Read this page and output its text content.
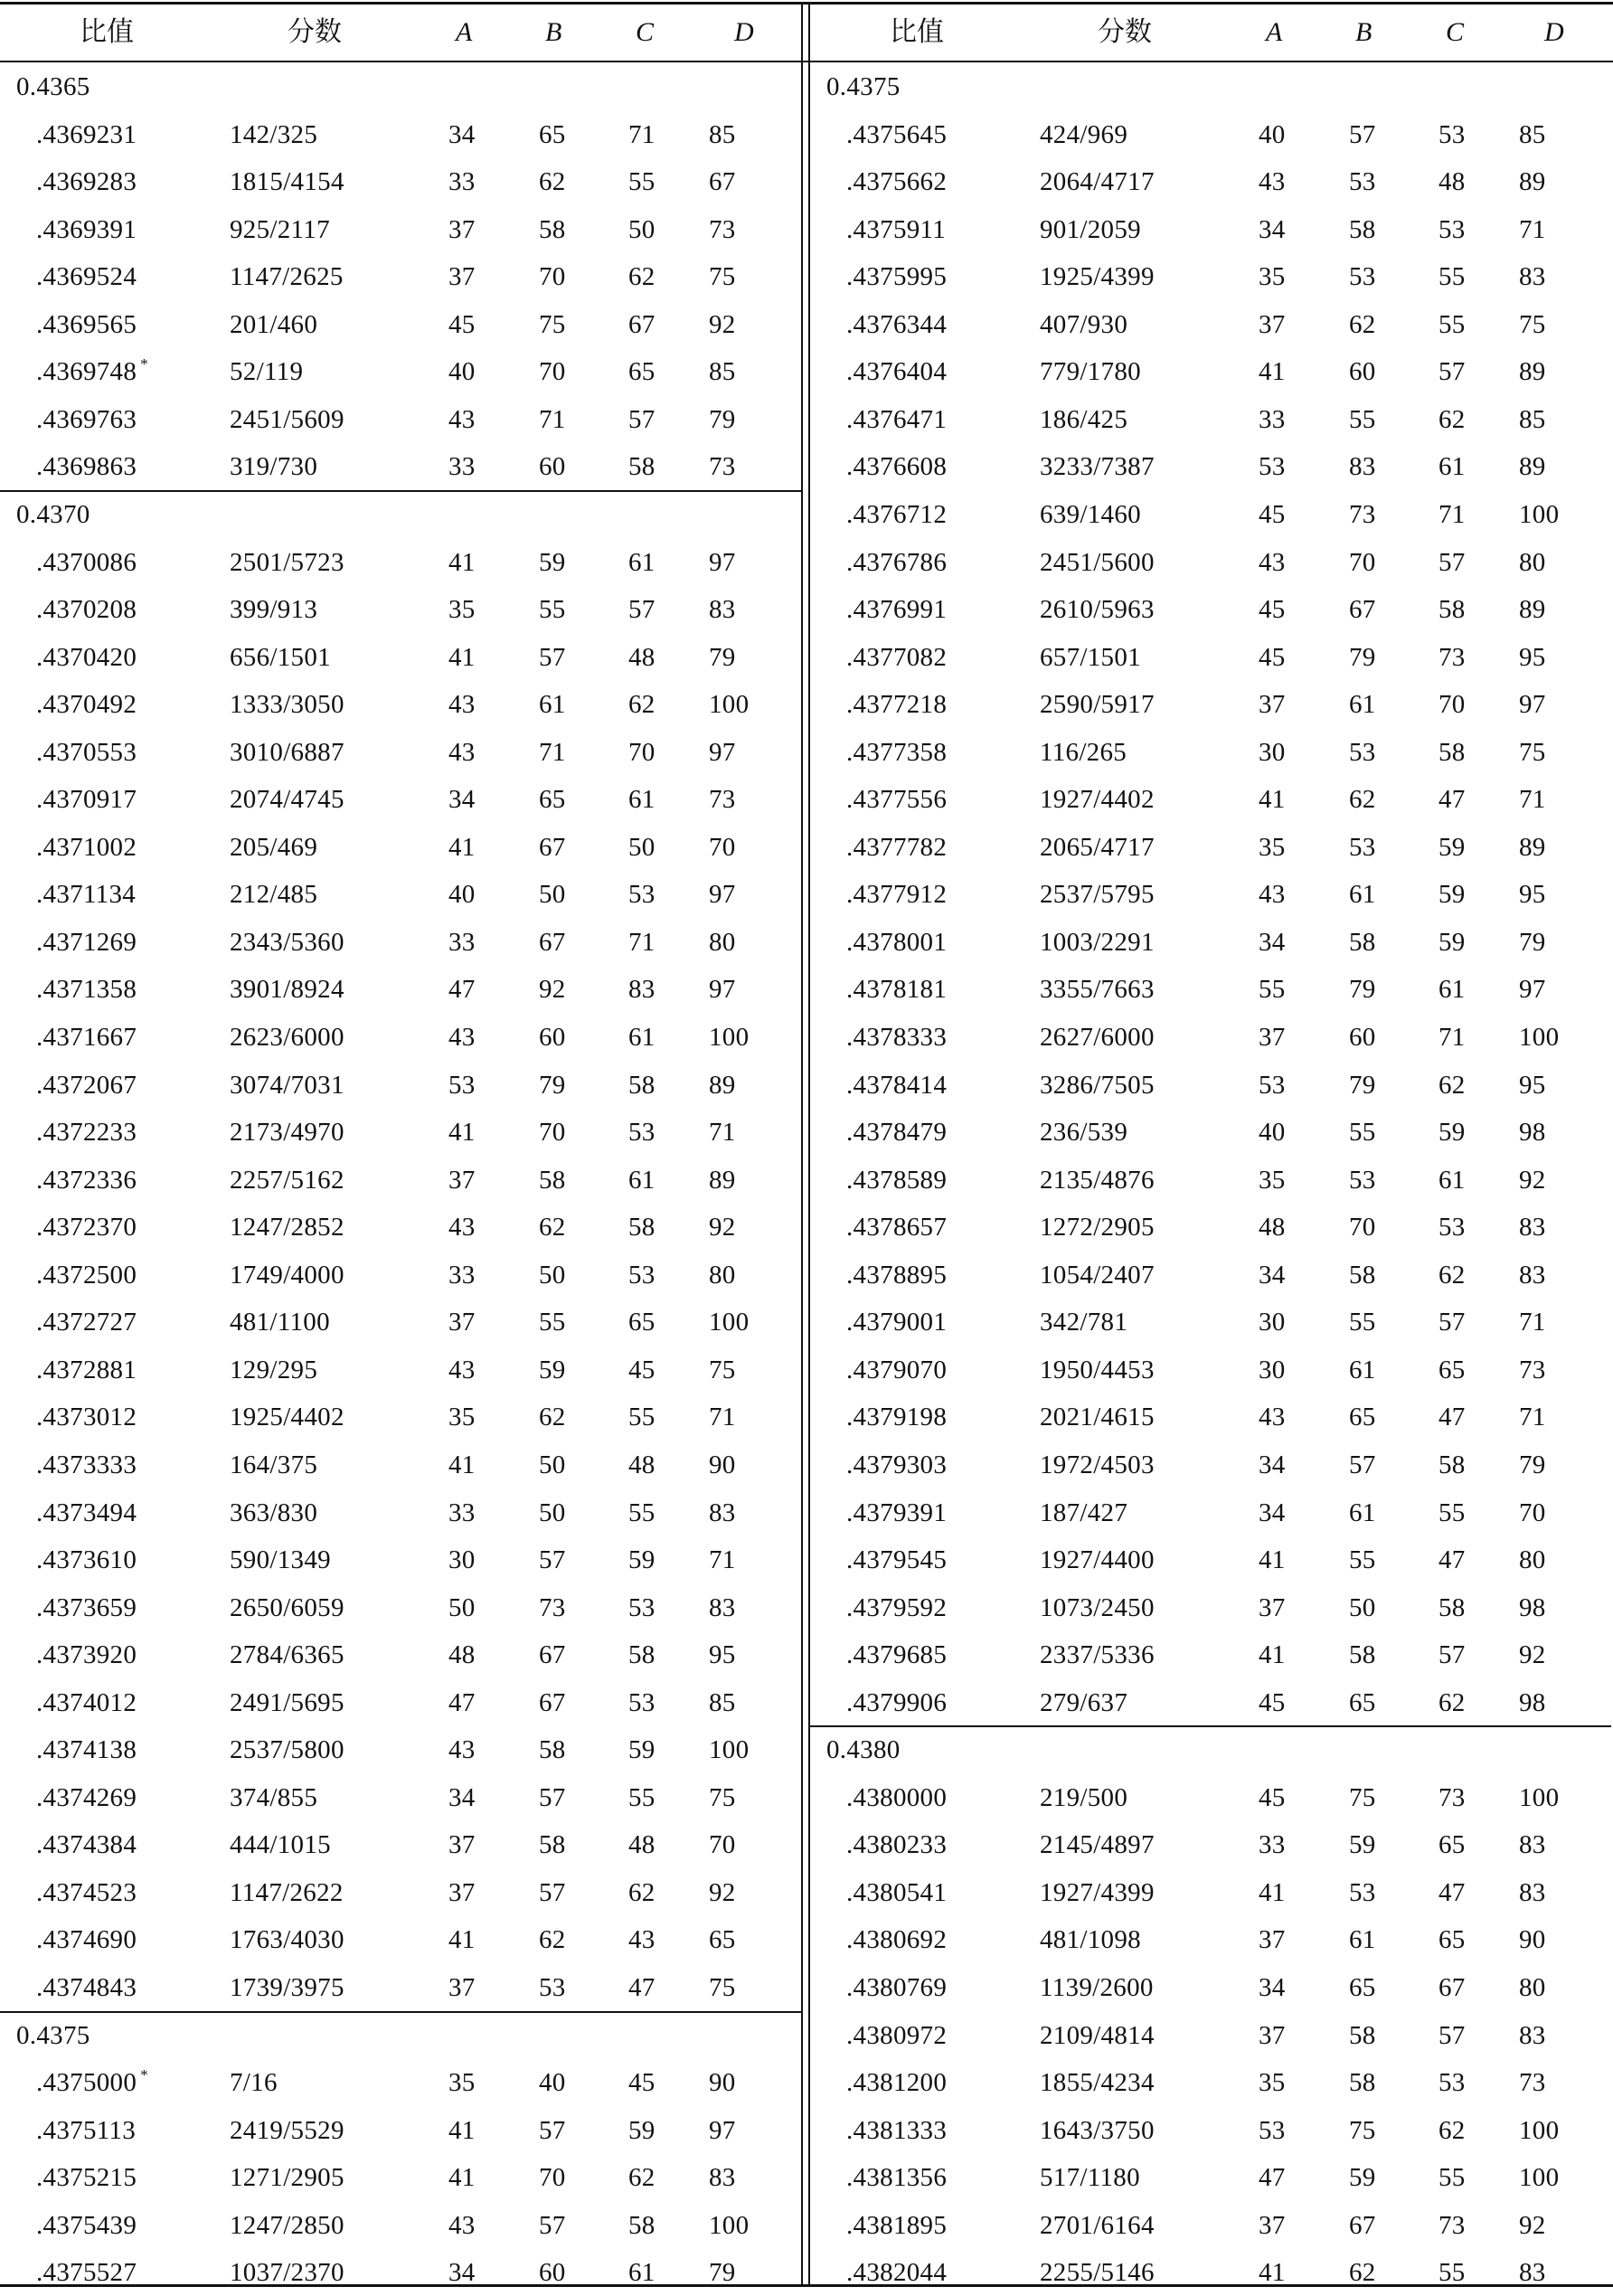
比值	分数	A	B	C	D
0.4365
.4369231	142/325	34 65 71 85
.4369283	1815/4154	33 62 55 67
.4369391	925/2117	37 58 50 73
.4369524	1147/2625	37 70 62 75
.4369565	201/460	45 75 67 92
.4369748 *	52/119	40 70 65 85
.4369763	2451/5609	43 71 57 79
.4369863	319/730	33 60 58 73
0.4370
.4370086	2501/5723	41 59 61 97
.4370208	399/913	35 55 57 83
.4370420	656/1501	41 57 48 79
.4370492	1333/3050	43 61 62 100
.4370553	3010/6887	43 71 70 97
.4370917	2074/4745	34 65 61 73
.4371002	205/469	41 67 50 70
.4371134	212/485	40 50 53 97
.4371269	2343/5360	33 67 71 80
.4371358	3901/8924	47 92 83 97
.4371667	2623/6000	43 60 61 100
.4372067	3074/7031	53 79 58 89
.4372233	2173/4970	41 70 53 71
.4372336	2257/5162	37 58 61 89
.4372370	1247/2852	43 62 58 92
.4372500	1749/4000	33 50 53 80
.4372727	481/1100	37 55 65 100
.4372881	129/295	43 59 45 75
.4373012	1925/4402	35 62 55 71
.4373333	164/375	41 50 48 90
.4373494	363/830	33 50 55 83
.4373610	590/1349	30 57 59 71
.4373659	2650/6059	50 73 53 83
.4373920	2784/6365	48 67 58 95
.4374012	2491/5695	47 67 53 85
.4374138	2537/5800	43 58 59 100
.4374269	374/855	34 57 55 75
.4374384	444/1015	37 58 48 70
.4374523	1147/2622	37 57 62 92
.4374690	1763/4030	41 62 43 65
.4374843	1739/3975	37 53 47 75
0.4375
.4375000 *	7/16	35 40 45 90
.4375113	2419/5529	41 57 59 97
.4375215	1271/2905	41 70 62 83
.4375439	1247/2850	43 57 58 100
.4375527	1037/2370	34 60 61 79
比值	分数	A	B	C	D
0.4375
.4375645	424/969	40 57 53 85
.4375662	2064/4717	43 53 48 89
.4375911	901/2059	34 58 53 71
.4375995	1925/4399	35 53 55 83
.4376344	407/930	37 62 55 75
.4376404	779/1780	41 60 57 89
.4376471	186/425	33 55 62 85
.4376608	3233/7387	53 83 61 89
.4376712	639/1460	45 73 71 100
.4376786	2451/5600	43 70 57 80
.4376991	2610/5963	45 67 58 89
.4377082	657/1501	45 79 73 95
.4377218	2590/5917	37 61 70 97
.4377358	116/265	30 53 58 75
.4377556	1927/4402	41 62 47 71
.4377782	2065/4717	35 53 59 89
.4377912	2537/5795	43 61 59 95
.4378001	1003/2291	34 58 59 79
.4378181	3355/7663	55 79 61 97
.4378333	2627/6000	37 60 71 100
.4378414	3286/7505	53 79 62 95
.4378479	236/539	40 55 59 98
.4378589	2135/4876	35 53 61 92
.4378657	1272/2905	48 70 53 83
.4378895	1054/2407	34 58 62 83
.4379001	342/781	30 55 57 71
.4379070	1950/4453	30 61 65 73
.4379198	2021/4615	43 65 47 71
.4379303	1972/4503	34 57 58 79
.4379391	187/427	34 61 55 70
.4379545	1927/4400	41 55 47 80
.4379592	1073/2450	37 50 58 98
.4379685	2337/5336	41 58 57 92
.4379906	279/637	45 65 62 98
0.4380
.4380000	219/500	45 75 73 100
.4380233	2145/4897	33 59 65 83
.4380541	1927/4399	41 53 47 83
.4380692	481/1098	37 61 65 90
.4380769	1139/2600	34 65 67 80
.4380972	2109/4814	37 58 57 83
.4381200	1855/4234	35 58 53 73
.4381333	1643/3750	53 75 62 100
.4381356	517/1180	47 59 55 100
.4381895	2701/6164	37 67 73 92
.4382044	2255/5146	41 62 55 83
